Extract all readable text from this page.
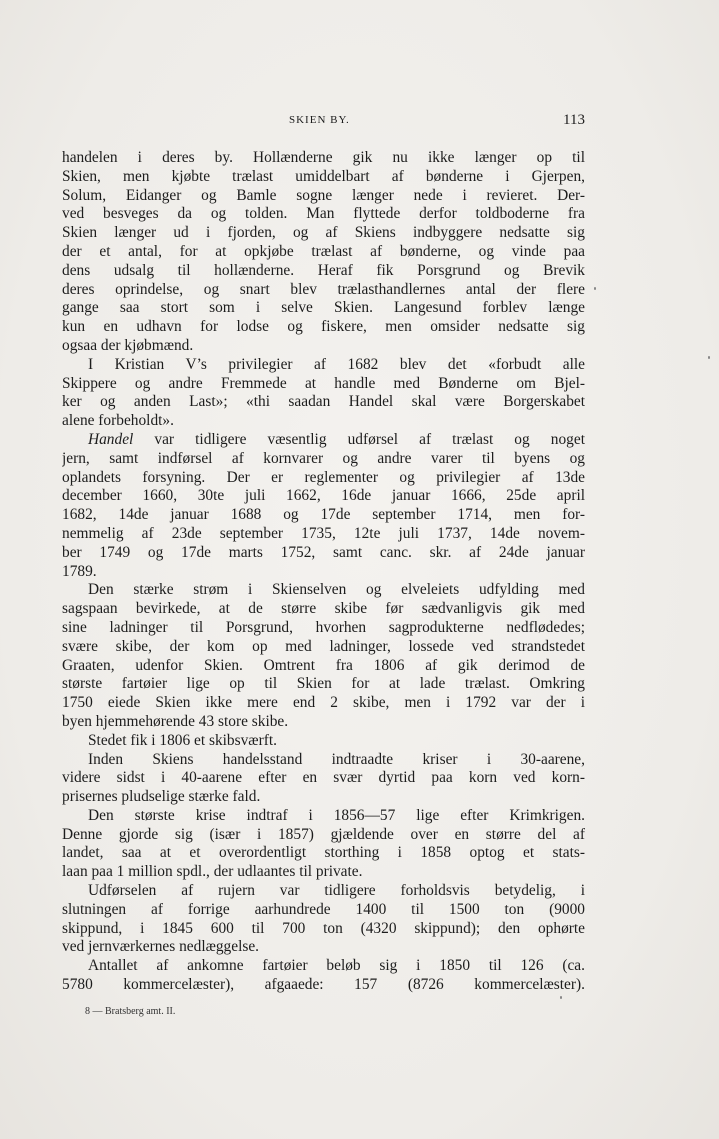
SKIEN BY.	113
handelen i deres by. Hollænderne gik nu ikke længer op til
Skien, men kjøbte trælast umiddelbart af bønderne i Gjerpen,
Solum, Eidanger og Bamle sogne længer nede i revieret. Der-
ved besveges da og tolden. Man flyttede derfor toldboderne fra
Skien længer ud i fjorden, og af Skiens indbyggere nedsatte sig
der et antal, for at opkjøbe trælast af bønderne, og vinde paa
dens udsalg til hollænderne. Heraf fik Porsgrund og Brevik
deres oprindelse, og snart blev trælasthandlernes antal der flere
gange saa stort som i selve Skien. Langesund forblev længe
kun en udhavn for lodse og fiskere, men omsider nedsatte sig
ogsaa der kjøbmænd.
I Kristian V’s privilegier af 1682 blev det «forbudt alle
Skippere og andre Fremmede at handle med Bønderne om Bjel-
ker og anden Last»; «thi saadan Handel skal være Borgerskabet
alene forbeholdt».
Handel var tidligere væsentlig udførsel af trælast og noget
jern, samt indførsel af kornvarer og andre varer til byens og
oplandets forsyning. Der er reglementer og privilegier af 13de
december 1660, 30te juli 1662, 16de januar 1666, 25de april
1682, 14de januar 1688 og 17de september 1714, men for-
nemmelig af 23de september 1735, 12te juli 1737, 14de novem-
ber 1749 og 17de marts 1752, samt canc. skr. af 24de januar
1789.
Den stærke strøm i Skienselven og elveleiets udfylding med
sagspaan bevirkede, at de større skibe før sædvanligvis gik med
sine ladninger til Porsgrund, hvorhen sagprodukterne nedflødedes;
svære skibe, der kom op med ladninger, lossede ved strandstedet
Graaten, udenfor Skien. Omtrent fra 1806 af gik derimod de
største fartøier lige op til Skien for at lade trælast. Omkring
1750 eiede Skien ikke mere end 2 skibe, men i 1792 var der i
byen hjemmehørende 43 store skibe.
Stedet fik i 1806 et skibsværft.
Inden Skiens handelsstand indtraadte kriser i 30-aarene,
videre sidst i 40-aarene efter en svær dyrtid paa korn ved korn-
prisernes pludselige stærke fald.
Den største krise indtraf i 1856—57 lige efter Krimkrigen.
Denne gjorde sig (især i 1857) gjældende over en større del af
landet, saa at et overordentligt storthing i 1858 optog et stats-
laan paa 1 million spdl., der udlaantes til private.
Udførselen af rujern var tidligere forholdsvis betydelig, i
slutningen af forrige aarhundrede 1400 til 1500 ton (9000
skippund, i 1845 600 til 700 ton (4320 skippund); den ophørte
ved jernværkernes nedlæggelse.
Antallet af ankomne fartøier beløb sig i 1850 til 126 (ca.
5780 kommercelæster), afgaaede: 157 (8726 kommercelæster).
8 — Bratsberg amt. II.
